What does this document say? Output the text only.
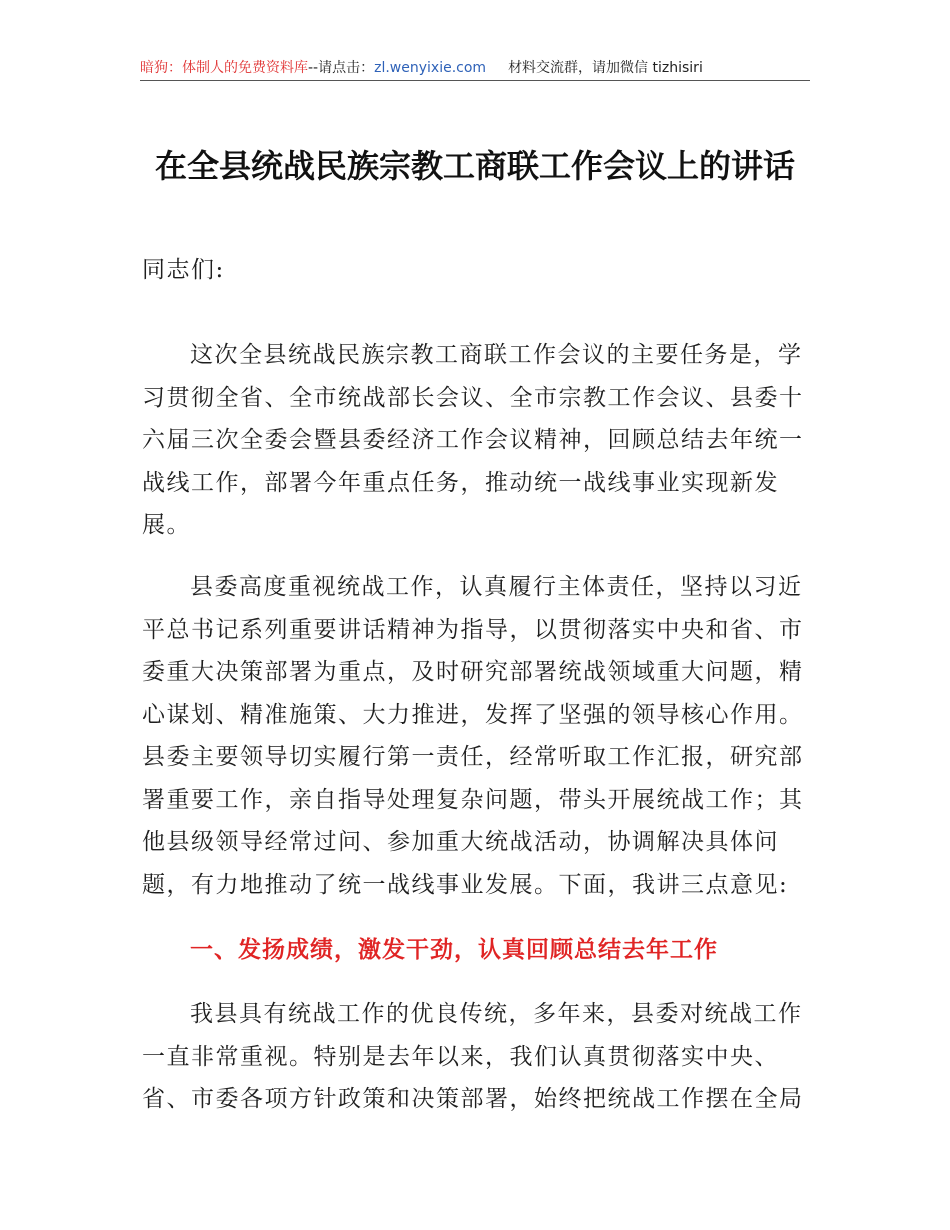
暗狗：体制人的免费资料库--请点击：zl.wenyixie.com 材料交流群，请加微信 tizhisiri
在全县统战民族宗教工商联工作会议上的讲话
同志们:

这次全县统战民族宗教工商联工作会议的主要任务是，学习贯彻全省、全市统战部长会议、全市宗教工作会议、县委十六届三次全委会暨县委经济工作会议精神，回顾总结去年统一战线工作，部署今年重点任务，推动统一战线事业实现新发展。

县委高度重视统战工作，认真履行主体责任，坚持以习近平总书记系列重要讲话精神为指导，以贯彻落实中央和省、市委重大决策部署为重点，及时研究部署统战领域重大问题，精心谋划、精准施策、大力推进，发挥了坚强的领导核心作用。县委主要领导切实履行第一责任，经常听取工作汇报，研究部署重要工作，亲自指导处理复杂问题，带头开展统战工作；其他县级领导经常过问、参加重大统战活动，协调解决具体问题，有力地推动了统一战线事业发展。下面，我讲三点意见:

一、发扬成绩，激发干劲，认真回顾总结去年工作

我县具有统战工作的优良传统，多年来，县委对统战工作一直非常重视。特别是去年以来，我们认真贯彻落实中央、省、市委各项方针政策和决策部署，始终把统战工作摆在全局
